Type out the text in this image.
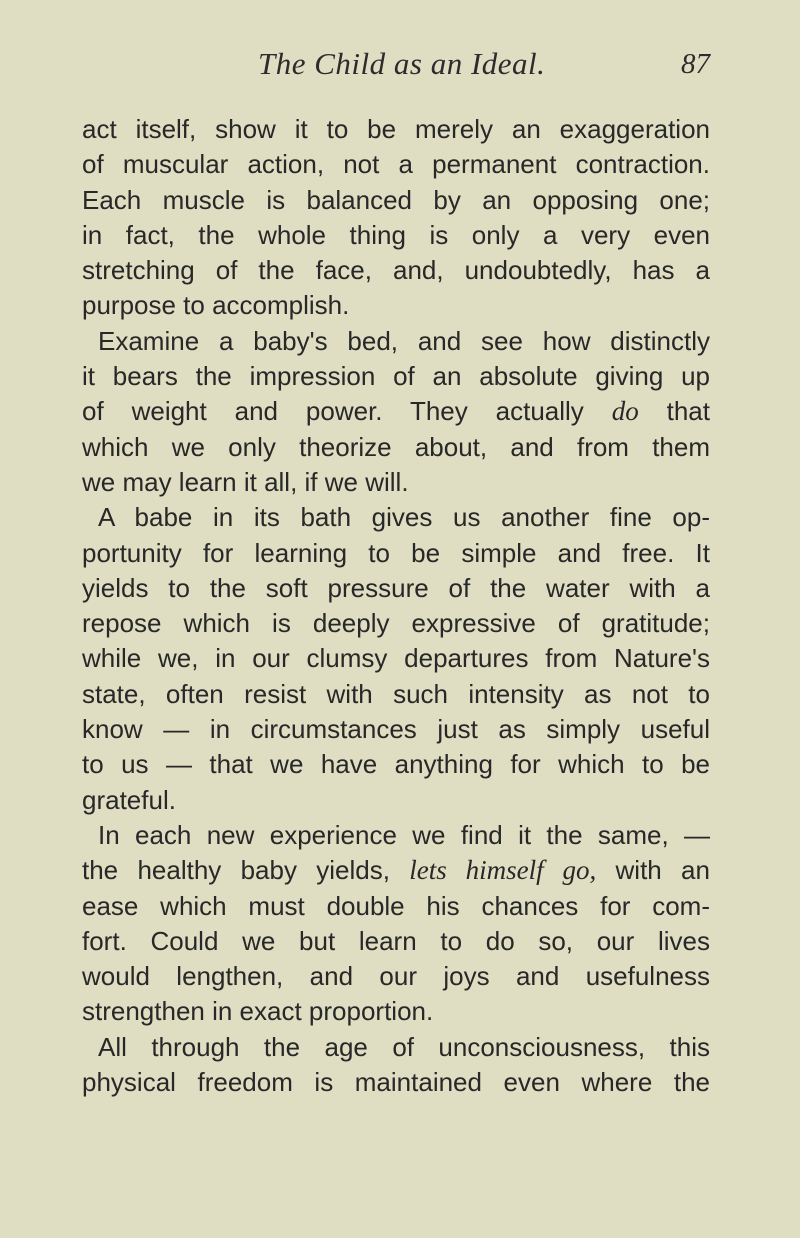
The Child as an Ideal.	87
act itself, show it to be merely an exaggeration
of muscular action, not a permanent contraction.
Each muscle is balanced by an opposing one;
in fact, the whole thing is only a very even
stretching of the face, and, undoubtedly, has a
purpose to accomplish.
Examine a baby's bed, and see how distinctly
it bears the impression of an absolute giving up
of weight and power. They actually do that
which we only theorize about, and from them
we may learn it all, if we will.
A babe in its bath gives us another fine op-
portunity for learning to be simple and free. It
yields to the soft pressure of the water with a
repose which is deeply expressive of gratitude;
while we, in our clumsy departures from Nature's
state, often resist with such intensity as not to
know — in circumstances just as simply useful
to us — that we have anything for which to be
grateful.
In each new experience we find it the same, —
the healthy baby yields, lets himself go, with an
ease which must double his chances for com-
fort. Could we but learn to do so, our lives
would lengthen, and our joys and usefulness
strengthen in exact proportion.
All through the age of unconsciousness, this
physical freedom is maintained even where the
